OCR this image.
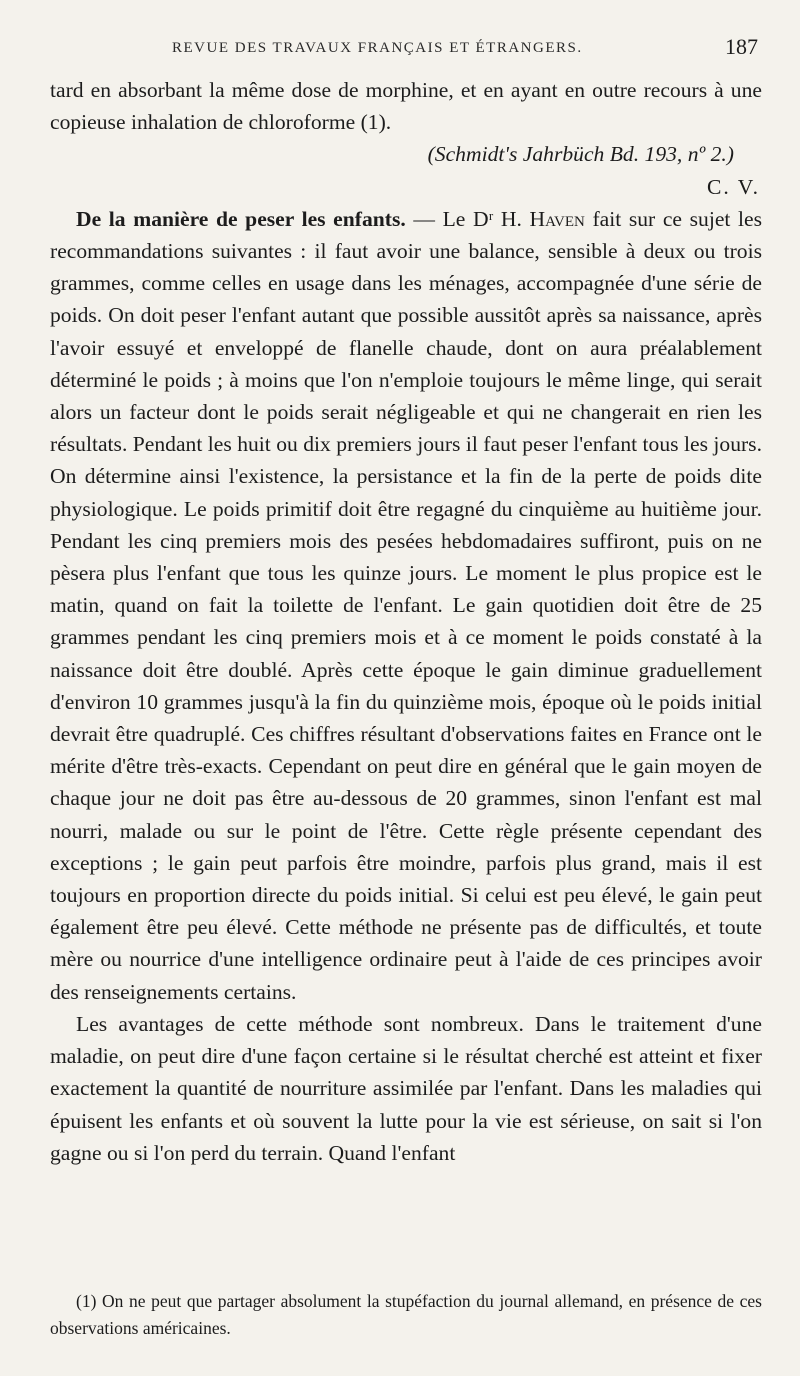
REVUE DES TRAVAUX FRANÇAIS ET ÉTRANGERS.	187

tard en absorbant la même dose de morphine, et en ayant en outre recours à une copieuse inhalation de chloroforme (1).

(Schmidt's Jahrbüch Bd. 193, nº 2.)

C. V.

De la manière de peser les enfants. — Le Dʳ H. Haven fait sur ce sujet les recommandations suivantes : il faut avoir une balance, sensible à deux ou trois grammes, comme celles en usage dans les ménages, accompagnée d'une série de poids. On doit peser l'enfant autant que possible aussitôt après sa naissance, après l'avoir essuyé et enveloppé de flanelle chaude, dont on aura préalablement déterminé le poids ; à moins que l'on n'emploie toujours le même linge, qui serait alors un facteur dont le poids serait négligeable et qui ne changerait en rien les résultats. Pendant les huit ou dix premiers jours il faut peser l'enfant tous les jours. On détermine ainsi l'existence, la persistance et la fin de la perte de poids dite physiologique. Le poids primitif doit être regagné du cinquième au huitième jour. Pendant les cinq premiers mois des pesées hebdomadaires suffiront, puis on ne pèsera plus l'enfant que tous les quinze jours. Le moment le plus propice est le matin, quand on fait la toilette de l'enfant. Le gain quotidien doit être de 25 grammes pendant les cinq premiers mois et à ce moment le poids constaté à la naissance doit être doublé. Après cette époque le gain diminue graduellement d'environ 10 grammes jusqu'à la fin du quinzième mois, époque où le poids initial devrait être quadruplé. Ces chiffres résultant d'observations faites en France ont le mérite d'être très-exacts. Cependant on peut dire en général que le gain moyen de chaque jour ne doit pas être au-dessous de 20 grammes, sinon l'enfant est mal nourri, malade ou sur le point de l'être. Cette règle présente cependant des exceptions ; le gain peut parfois être moindre, parfois plus grand, mais il est toujours en proportion directe du poids initial. Si celui est peu élevé, le gain peut également être peu élevé. Cette méthode ne présente pas de difficultés, et toute mère ou nourrice d'une intelligence ordinaire peut à l'aide de ces principes avoir des renseignements certains.

Les avantages de cette méthode sont nombreux. Dans le traitement d'une maladie, on peut dire d'une façon certaine si le résultat cherché est atteint et fixer exactement la quantité de nourriture assimilée par l'enfant. Dans les maladies qui épuisent les enfants et où souvent la lutte pour la vie est sérieuse, on sait si l'on gagne ou si l'on perd du terrain. Quand l'enfant

(1) On ne peut que partager absolument la stupéfaction du journal allemand, en présence de ces observations américaines.
